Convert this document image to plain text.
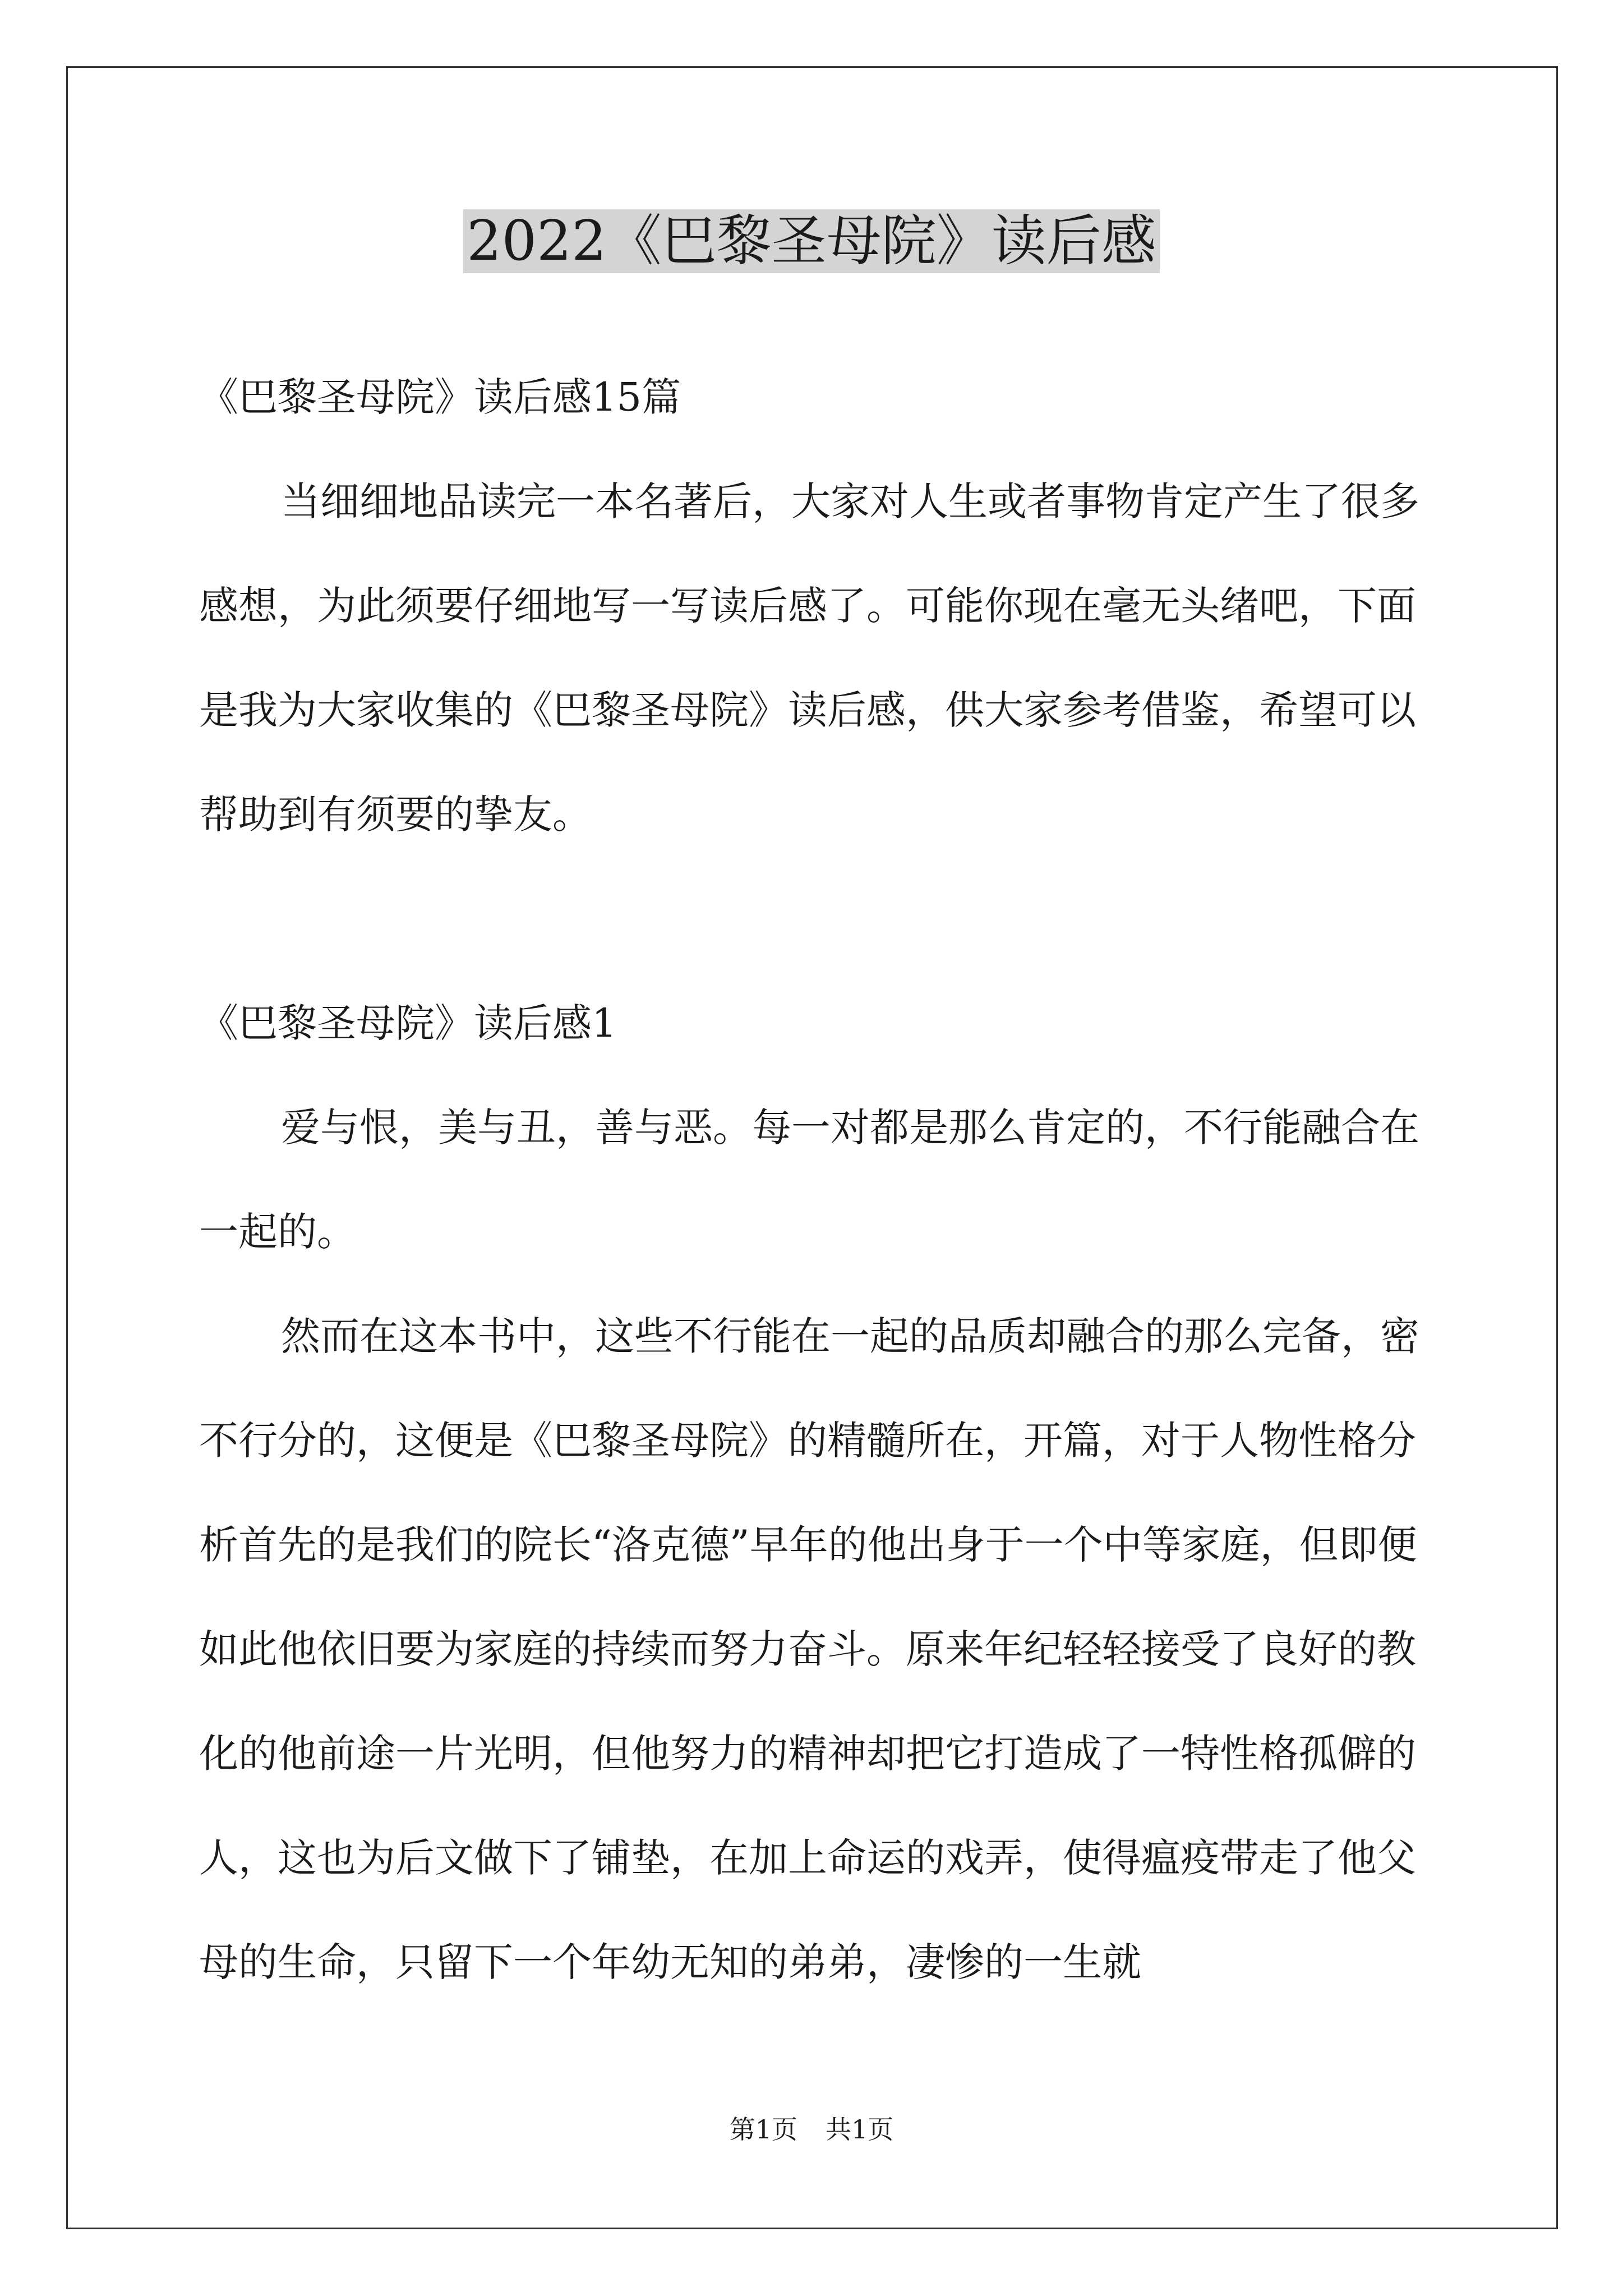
2022《巴黎圣母院》读后感

《巴黎圣母院》读后感15篇

当细细地品读完一本名著后，大家对人生或者事物肯定产生了很多感想，为此须要仔细地写一写读后感了。可能你现在毫无头绪吧，下面是我为大家收集的《巴黎圣母院》读后感，供大家参考借鉴，希望可以帮助到有须要的挚友。

《巴黎圣母院》读后感1

爱与恨，美与丑，善与恶。每一对都是那么肯定的，不行能融合在一起的。

然而在这本书中，这些不行能在一起的品质却融合的那么完备，密不行分的，这便是《巴黎圣母院》的精髓所在，开篇，对于人物性格分析首先的是我们的院长“洛克德”早年的他出身于一个中等家庭，但即便如此他依旧要为家庭的持续而努力奋斗。原来年纪轻轻接受了良好的教化的他前途一片光明，但他努力的精神却把它打造成了一特性格孤僻的人，这也为后文做下了铺垫，在加上命运的戏弄，使得瘟疫带走了他父母的生命，只留下一个年幼无知的弟弟，凄惨的一生就

第1页 共1页
